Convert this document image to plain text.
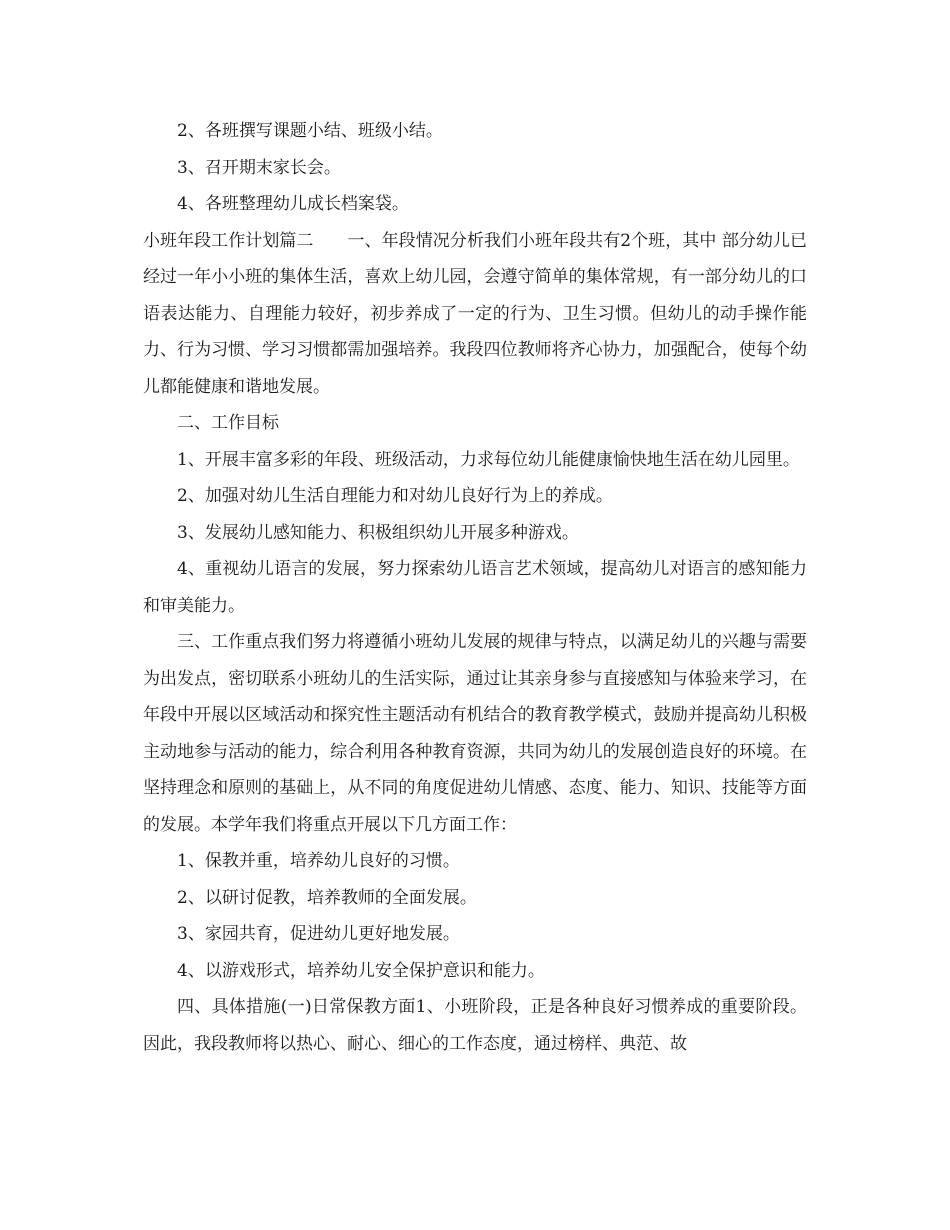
2、各班撰写课题小结、班级小结。

3、召开期末家长会。

4、各班整理幼儿成长档案袋。

小班年段工作计划篇二　　一、年段情况分析我们小班年段共有2个班，其中 部分幼儿已经过一年小小班的集体生活，喜欢上幼儿园，会遵守简单的集体常规，有一部分幼儿的口语表达能力、自理能力较好，初步养成了一定的行为、卫生习惯。但幼儿的动手操作能力、行为习惯、学习习惯都需加强培养。我段四位教师将齐心协力，加强配合，使每个幼儿都能健康和谐地发展。

二、工作目标

1、开展丰富多彩的年段、班级活动，力求每位幼儿能健康愉快地生活在幼儿园里。

2、加强对幼儿生活自理能力和对幼儿良好行为上的养成。

3、发展幼儿感知能力、积极组织幼儿开展多种游戏。

4、重视幼儿语言的发展，努力探索幼儿语言艺术领域，提高幼儿对语言的感知能力和审美能力。

三、工作重点我们努力将遵循小班幼儿发展的规律与特点，以满足幼儿的兴趣与需要为出发点，密切联系小班幼儿的生活实际，通过让其亲身参与直接感知与体验来学习，在年段中开展以区域活动和探究性主题活动有机结合的教育教学模式，鼓励并提高幼儿积极主动地参与活动的能力，综合利用各种教育资源，共同为幼儿的发展创造良好的环境。在坚持理念和原则的基础上，从不同的角度促进幼儿情感、态度、能力、知识、技能等方面的发展。本学年我们将重点开展以下几方面工作：

1、保教并重，培养幼儿良好的习惯。

2、以研讨促教，培养教师的全面发展。

3、家园共育，促进幼儿更好地发展。

4、以游戏形式，培养幼儿安全保护意识和能力。

四、具体措施(一)日常保教方面1、小班阶段，正是各种良好习惯养成的重要阶段。因此，我段教师将以热心、耐心、细心的工作态度，通过榜样、典范、故
